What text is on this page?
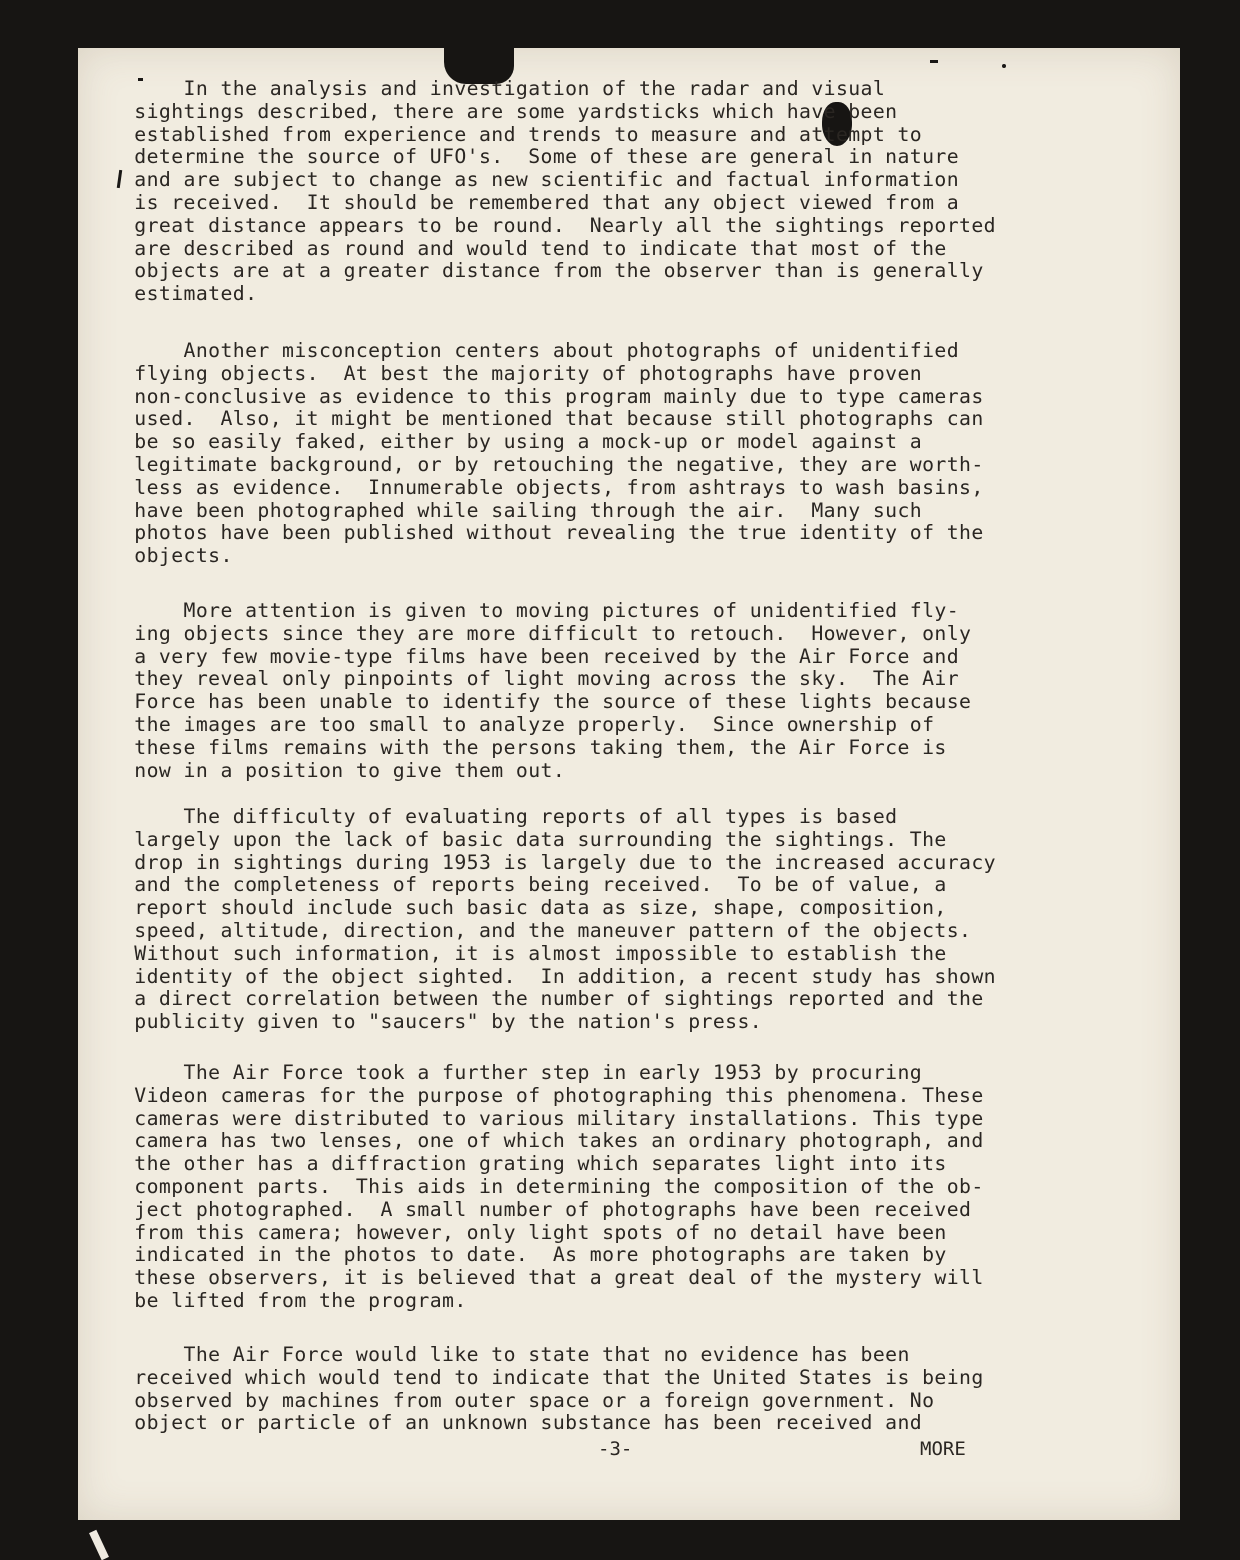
In the analysis and investigation of the radar and visual
sightings described, there are some yardsticks which have been
established from experience and trends to measure and attempt to
determine the source of UFO's.  Some of these are general in nature
and are subject to change as new scientific and factual information
is received.  It should be remembered that any object viewed from a
great distance appears to be round.  Nearly all the sightings reported
are described as round and would tend to indicate that most of the
objects are at a greater distance from the observer than is generally
estimated.
Another misconception centers about photographs of unidentified
flying objects.  At best the majority of photographs have proven
non-conclusive as evidence to this program mainly due to type cameras
used.  Also, it might be mentioned that because still photographs can
be so easily faked, either by using a mock-up or model against a
legitimate background, or by retouching the negative, they are worth-
less as evidence.  Innumerable objects, from ashtrays to wash basins,
have been photographed while sailing through the air.  Many such
photos have been published without revealing the true identity of the
objects.
More attention is given to moving pictures of unidentified fly-
ing objects since they are more difficult to retouch.  However, only
a very few movie-type films have been received by the Air Force and
they reveal only pinpoints of light moving across the sky.  The Air
Force has been unable to identify the source of these lights because
the images are too small to analyze properly.  Since ownership of
these films remains with the persons taking them, the Air Force is
now in a position to give them out.
The difficulty of evaluating reports of all types is based
largely upon the lack of basic data surrounding the sightings. The
drop in sightings during 1953 is largely due to the increased accuracy
and the completeness of reports being received.  To be of value, a
report should include such basic data as size, shape, composition,
speed, altitude, direction, and the maneuver pattern of the objects.
Without such information, it is almost impossible to establish the
identity of the object sighted.  In addition, a recent study has shown
a direct correlation between the number of sightings reported and the
publicity given to "saucers" by the nation's press.
The Air Force took a further step in early 1953 by procuring
Videon cameras for the purpose of photographing this phenomena. These
cameras were distributed to various military installations. This type
camera has two lenses, one of which takes an ordinary photograph, and
the other has a diffraction grating which separates light into its
component parts.  This aids in determining the composition of the ob-
ject photographed.  A small number of photographs have been received
from this camera; however, only light spots of no detail have been
indicated in the photos to date.  As more photographs are taken by
these observers, it is believed that a great deal of the mystery will
be lifted from the program.
The Air Force would like to state that no evidence has been
received which would tend to indicate that the United States is being
observed by machines from outer space or a foreign government. No
object or particle of an unknown substance has been received and
-3-	MORE
